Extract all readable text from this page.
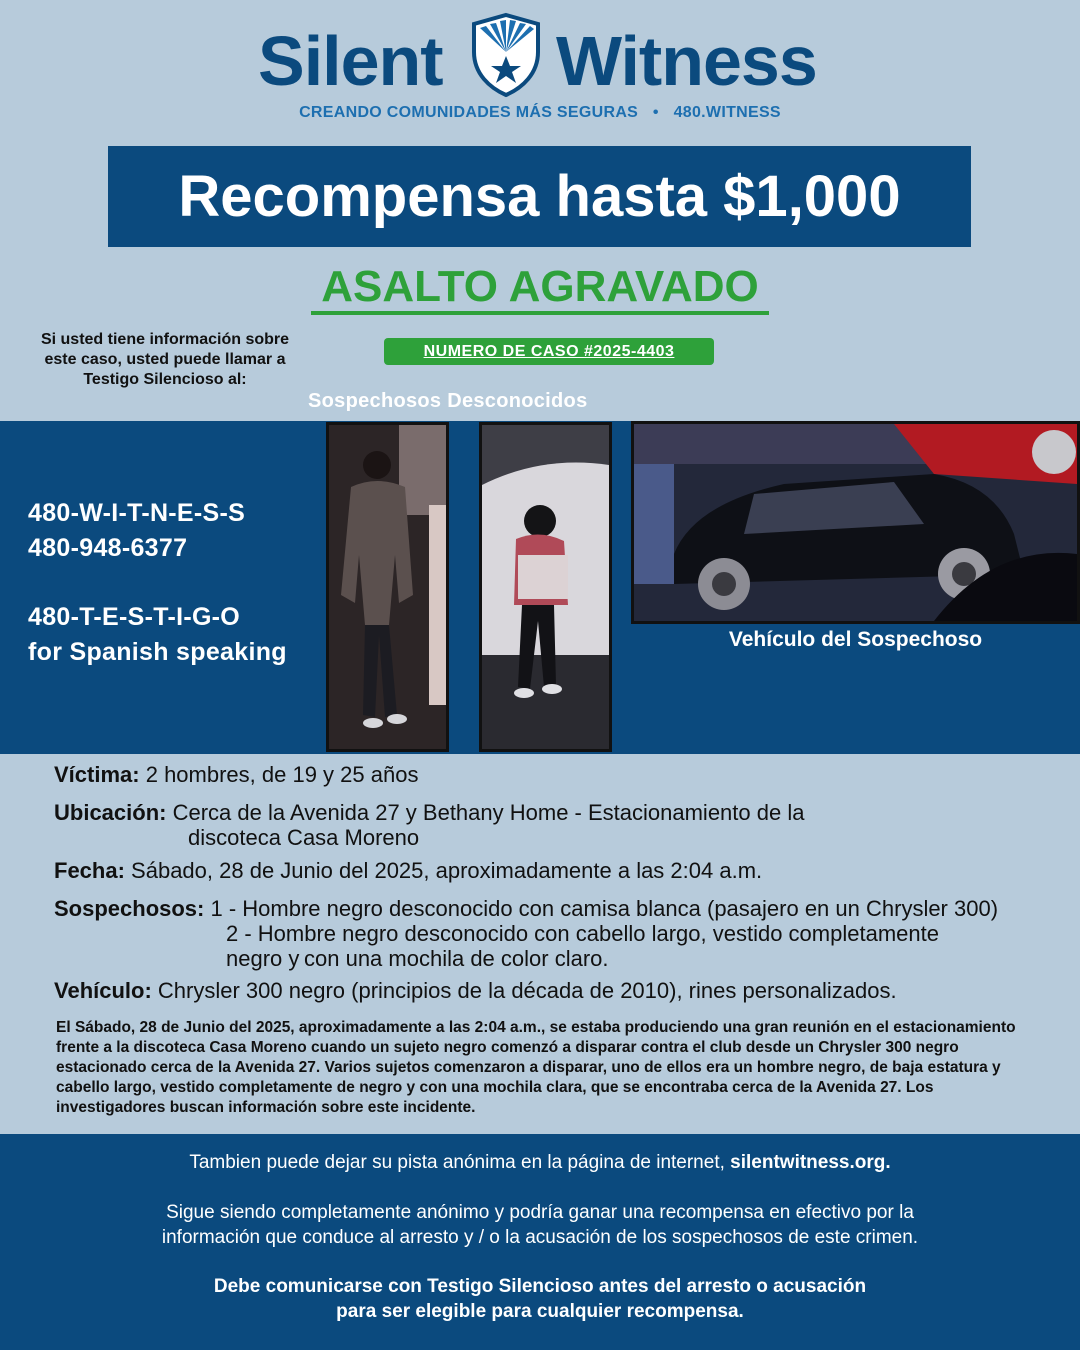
Silent Witness
CREANDO COMUNIDADES MÁS SEGURAS • 480.WITNESS
Recompensa hasta $1,000
ASALTO AGRAVADO
NUMERO DE CASO #2025-4403
Si usted tiene información sobre este caso, usted puede llamar a Testigo Silencioso al:
Sospechosos Desconocidos
480-W-I-T-N-E-S-S
480-948-6377
480-T-E-S-T-I-G-O
for Spanish speaking	Vehículo del Sospechoso
Víctima: 2 hombres, de 19 y 25 años
Ubicación: Cerca de la Avenida 27 y Bethany Home - Estacionamiento de la
discoteca Casa Moreno
Fecha: Sábado, 28 de Junio del 2025, aproximadamente a las 2:04 a.m.
Sospechosos: 1 - Hombre negro desconocido con camisa blanca (pasajero en un Chrysler 300)
2 - Hombre negro desconocido con cabello largo, vestido completamente negro y con una mochila de color claro.
Vehículo: Chrysler 300 negro (principios de la década de 2010), rines personalizados.
El Sábado, 28 de Junio del 2025, aproximadamente a las 2:04 a.m., se estaba produciendo una gran reunión en el estacionamiento frente a la discoteca Casa Moreno cuando un sujeto negro comenzó a disparar contra el club desde un Chrysler 300 negro estacionado cerca de la Avenida 27. Varios sujetos comenzaron a disparar, uno de ellos era un hombre negro, de baja estatura y cabello largo, vestido completamente de negro y con una mochila clara, que se encontraba cerca de la Avenida 27. Los investigadores buscan información sobre este incidente.
Tambien puede dejar su pista anónima en la página de internet, silentwitness.org.
Sigue siendo completamente anónimo y podría ganar una recompensa en efectivo por la
información que conduce al arresto y / o la acusación de los sospechosos de este crimen.
Debe comunicarse con Testigo Silencioso antes del arresto o acusación
para ser elegible para cualquier recompensa.
